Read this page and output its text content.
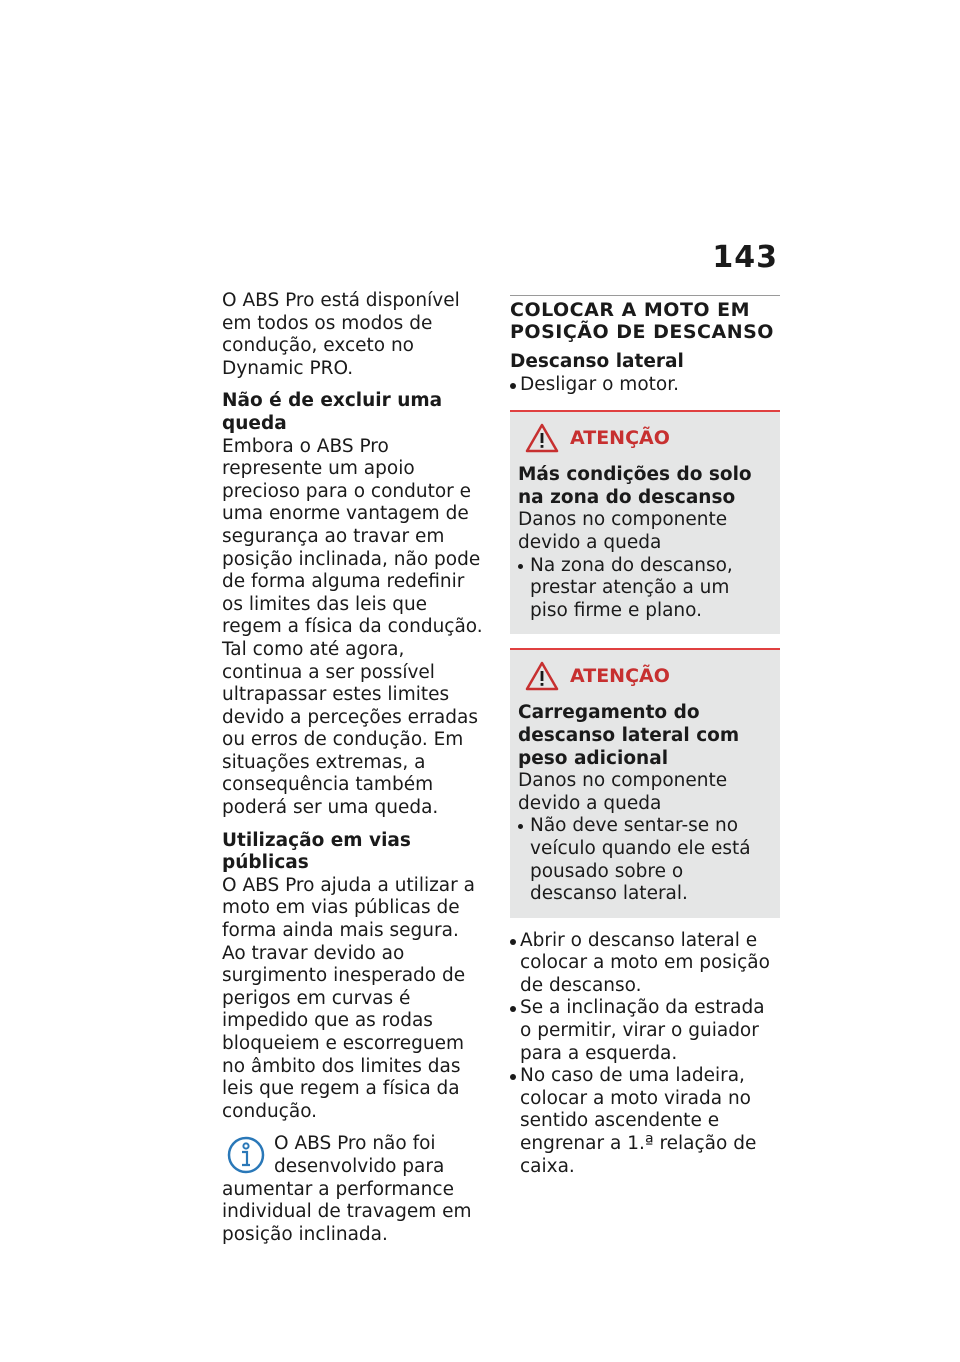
143

O ABS Pro está disponível em todos os modos de condução, exceto no Dynamic PRO.

Não é de excluir uma queda

Embora o ABS Pro represente um apoio precioso para o condutor e uma enorme vantagem de segurança ao travar em posição inclinada, não pode de forma alguma redefinir os limites das leis que regem a física da condução. Tal como até agora, continua a ser possível ultrapassar estes limites devido a perceções erradas ou erros de condução. Em situações extremas, a consequência também poderá ser uma queda.

Utilização em vias públicas

O ABS Pro ajuda a utilizar a moto em vias públicas de forma ainda mais segura. Ao travar devido ao surgimento inesperado de perigos em curvas é impedido que as rodas bloqueiem e escorreguem no âmbito dos limites das leis que regem a física da condução.

O ABS Pro não foi desenvolvido para aumentar a performance individual de travagem em posição inclinada.

COLOCAR A MOTO EM POSIÇÃO DE DESCANSO

Descanso lateral

Desligar o motor.
ATENÇÃO

Más condições do solo na zona do descanso

Danos no componente devido a queda

Na zona do descanso, prestar atenção a um piso firme e plano.
ATENÇÃO

Carregamento do descanso lateral com peso adicional

Danos no componente devido a queda

Não deve sentar-se no veículo quando ele está pousado sobre o descanso lateral.
Abrir o descanso lateral e colocar a moto em posição de descanso.
Se a inclinação da estrada o permitir, virar o guiador para a esquerda.
No caso de uma ladeira, colocar a moto virada no sentido ascendente e engrenar a 1.ª relação de caixa.
